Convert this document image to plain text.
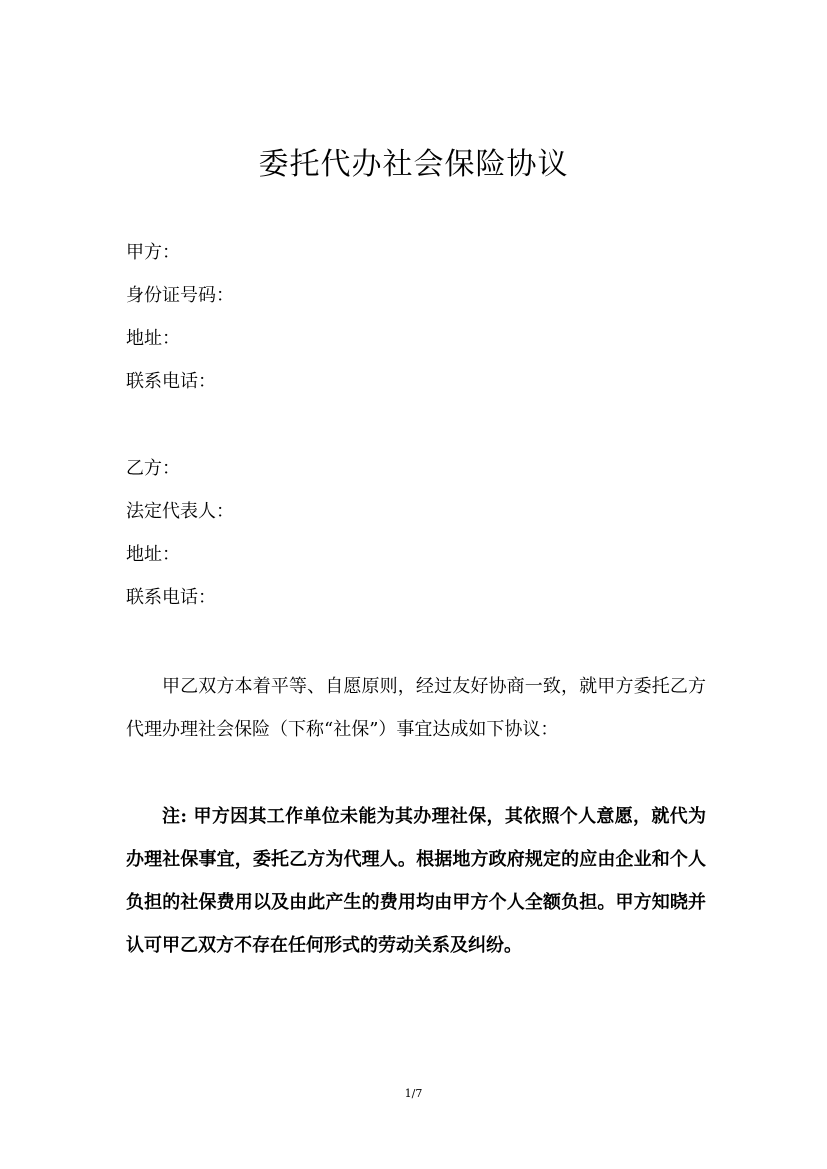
委托代办社会保险协议

甲方：

身份证号码：

地址：

联系电话：

乙方：

法定代表人：

地址：

联系电话：

甲乙双方本着平等、自愿原则，经过友好协商一致，就甲方委托乙方代理办理社会保险（下称“社保”）事宜达成如下协议：

注: 甲方因其工作单位未能为其办理社保，其依照个人意愿，就代为办理社保事宜，委托乙方为代理人。根据地方政府规定的应由企业和个人负担的社保费用以及由此产生的费用均由甲方个人全额负担。甲方知晓并认可甲乙双方不存在任何形式的劳动关系及纠纷。

1/7
